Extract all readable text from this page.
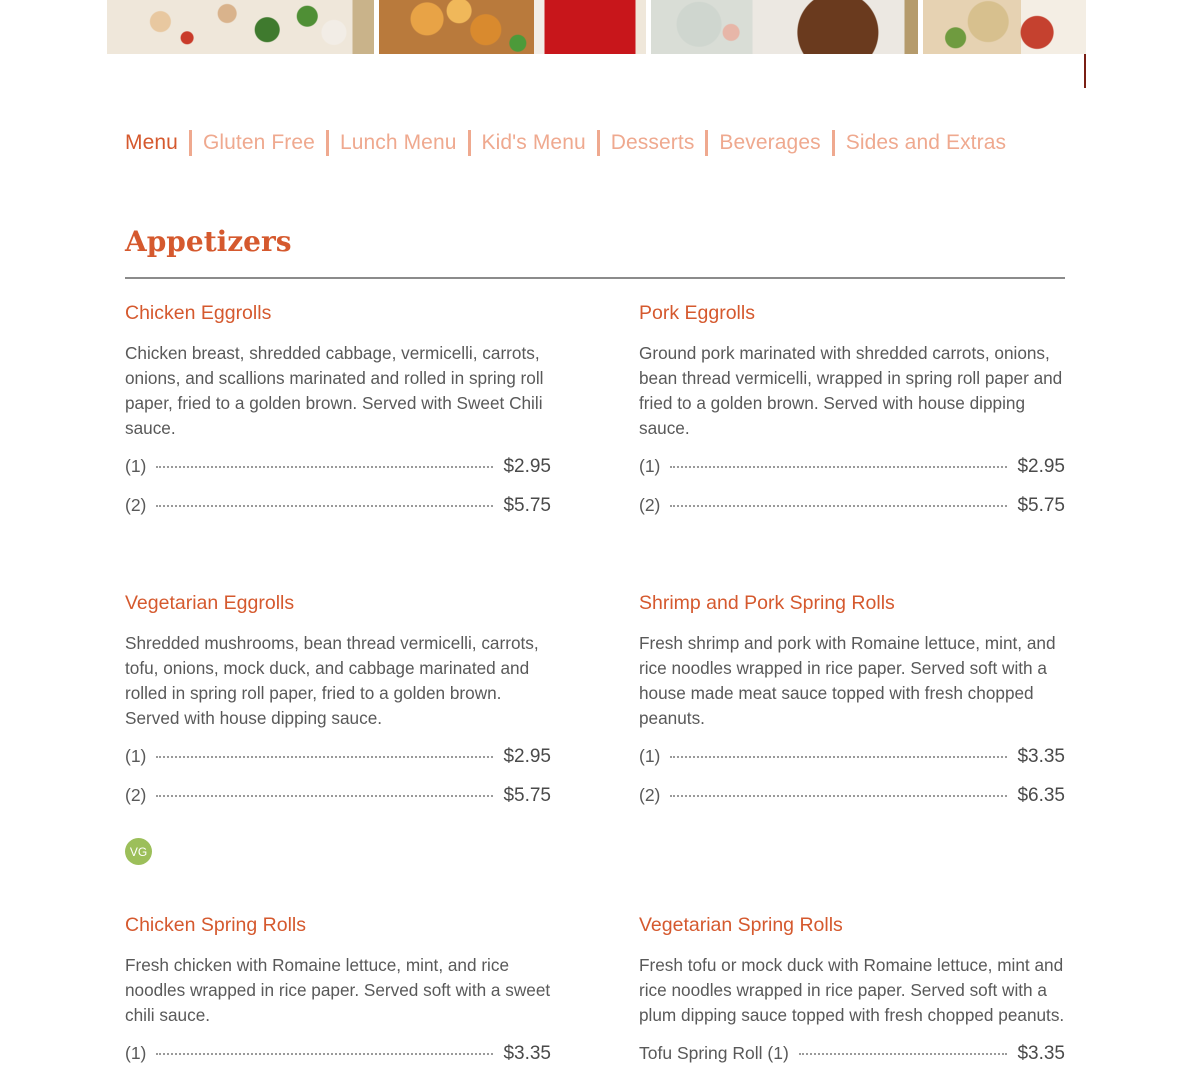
Menu Gluten Free Lunch Menu Kid's Menu Desserts Beverages Sides and Extras
Appetizers
Chicken Eggrolls
Chicken breast, shredded cabbage, vermicelli, carrots, onions, and scallions marinated and rolled in spring roll paper, fried to a golden brown. Served with Sweet Chili sauce.
(1)	$2.95
(2)	$5.75
Pork Eggrolls
Ground pork marinated with shredded carrots, onions, bean thread vermicelli, wrapped in spring roll paper and fried to a golden brown. Served with house dipping sauce.
(1)	$2.95
(2)	$5.75
Vegetarian Eggrolls
Shredded mushrooms, bean thread vermicelli, carrots, tofu, onions, mock duck, and cabbage marinated and rolled in spring roll paper, fried to a golden brown. Served with house dipping sauce.
(1)	$2.95
(2)	$5.75
VG
Shrimp and Pork Spring Rolls
Fresh shrimp and pork with Romaine lettuce, mint, and rice noodles wrapped in rice paper. Served soft with a house made meat sauce topped with fresh chopped peanuts.
(1)	$3.35
(2)	$6.35
Chicken Spring Rolls
Fresh chicken with Romaine lettuce, mint, and rice noodles wrapped in rice paper. Served soft with a sweet chili sauce.
(1)	$3.35
Vegetarian Spring Rolls
Fresh tofu or mock duck with Romaine lettuce, mint and rice noodles wrapped in rice paper. Served soft with a plum dipping sauce topped with fresh chopped peanuts.
Tofu Spring Roll (1)	$3.35
